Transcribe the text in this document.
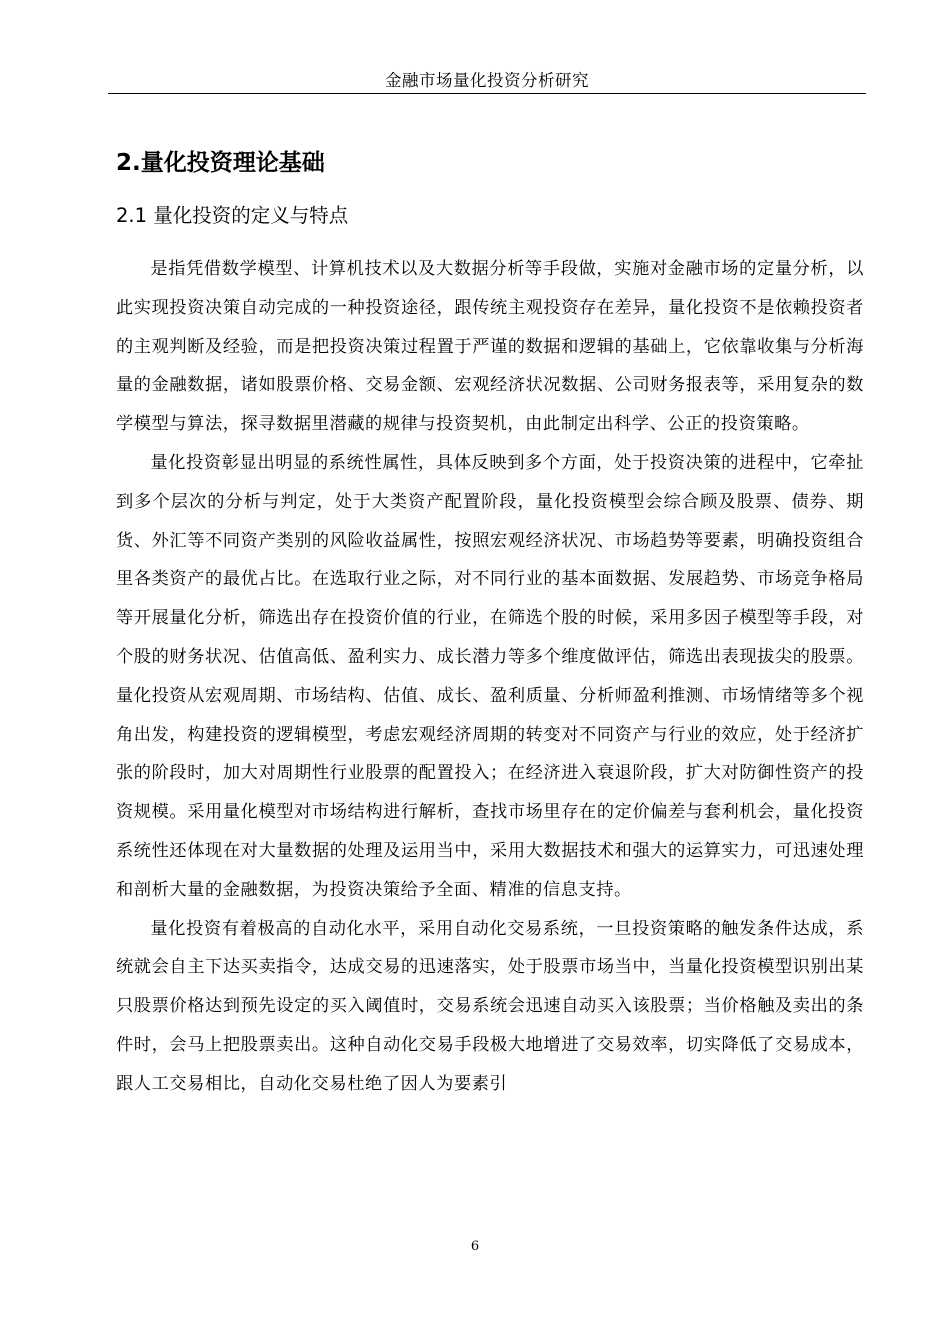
金融市场量化投资分析研究
2.量化投资理论基础
2.1 量化投资的定义与特点

是指凭借数学模型、计算机技术以及大数据分析等手段做，实施对金融市场的定量分析，以此实现投资决策自动完成的一种投资途径，跟传统主观投资存在差异，量化投资不是依赖投资者的主观判断及经验，而是把投资决策过程置于严谨的数据和逻辑的基础上，它依靠收集与分析海量的金融数据，诸如股票价格、交易金额、宏观经济状况数据、公司财务报表等，采用复杂的数学模型与算法，探寻数据里潜藏的规律与投资契机，由此制定出科学、公正的投资策略。

量化投资彰显出明显的系统性属性，具体反映到多个方面，处于投资决策的进程中，它牵扯到多个层次的分析与判定，处于大类资产配置阶段，量化投资模型会综合顾及股票、债券、期货、外汇等不同资产类别的风险收益属性，按照宏观经济状况、市场趋势等要素，明确投资组合里各类资产的最优占比。在选取行业之际，对不同行业的基本面数据、发展趋势、市场竞争格局等开展量化分析，筛选出存在投资价值的行业，在筛选个股的时候，采用多因子模型等手段，对个股的财务状况、估值高低、盈利实力、成长潜力等多个维度做评估，筛选出表现拔尖的股票。量化投资从宏观周期、市场结构、估值、成长、盈利质量、分析师盈利推测、市场情绪等多个视角出发，构建投资的逻辑模型，考虑宏观经济周期的转变对不同资产与行业的效应，处于经济扩张的阶段时，加大对周期性行业股票的配置投入；在经济进入衰退阶段，扩大对防御性资产的投资规模。采用量化模型对市场结构进行解析，查找市场里存在的定价偏差与套利机会，量化投资系统性还体现在对大量数据的处理及运用当中，采用大数据技术和强大的运算实力，可迅速处理和剖析大量的金融数据，为投资决策给予全面、精准的信息支持。

量化投资有着极高的自动化水平，采用自动化交易系统，一旦投资策略的触发条件达成，系统就会自主下达买卖指令，达成交易的迅速落实，处于股票市场当中，当量化投资模型识别出某只股票价格达到预先设定的买入阈值时，交易系统会迅速自动买入该股票；当价格触及卖出的条件时，会马上把股票卖出。这种自动化交易手段极大地增进了交易效率，切实降低了交易成本，跟人工交易相比，自动化交易杜绝了因人为要素引

6
